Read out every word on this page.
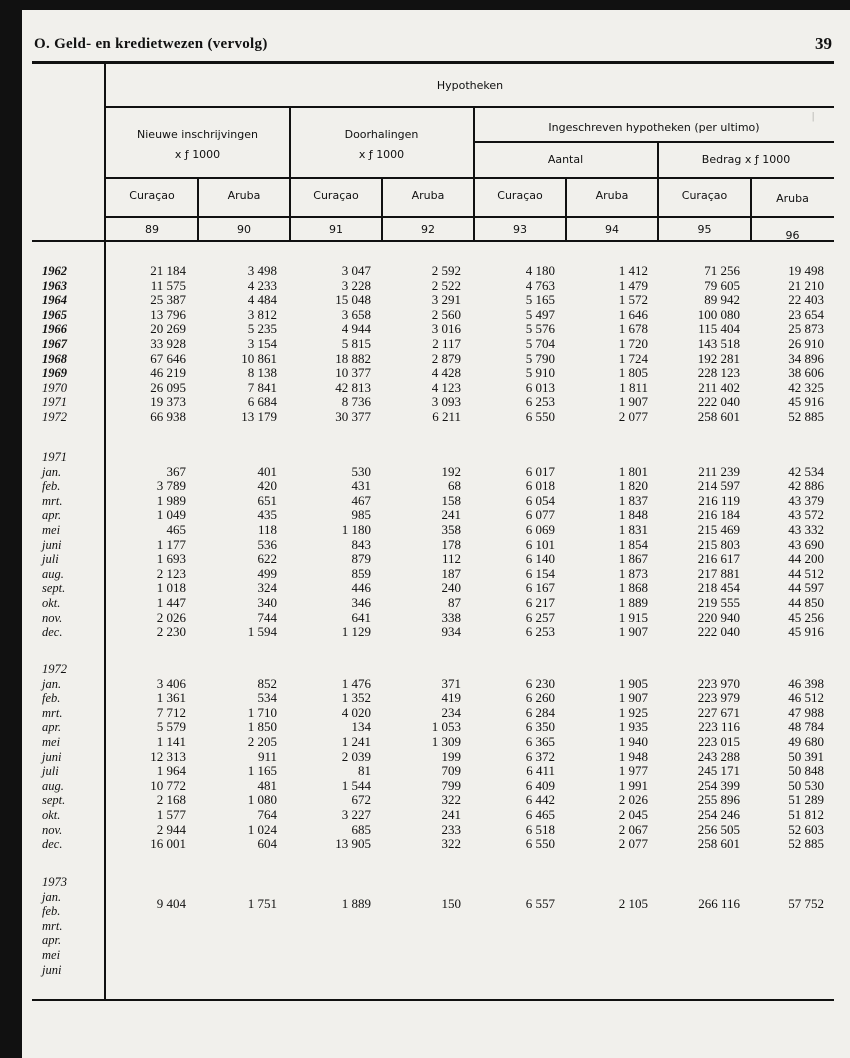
O. Geld- en kredietwezen (vervolg)	39
Hypotheken
Nieuwe inschrijvingen
x ƒ 1000
Doorhalingen
x ƒ 1000
Ingeschreven hypotheken (per ultimo)
Aantal	Bedrag x ƒ 1000
Curaçao	Aruba	Curaçao	Aruba	Curaçao	Aruba	Curaçao	Aruba
89	90	91	92	93	94	95	96
1962	21 184	3 498	3 047	2 592	4 180	1 412	71 256	19 498
1963	11 575	4 233	3 228	2 522	4 763	1 479	79 605	21 210
1964	25 387	4 484	15 048	3 291	5 165	1 572	89 942	22 403
1965	13 796	3 812	3 658	2 560	5 497	1 646	100 080	23 654
1966	20 269	5 235	4 944	3 016	5 576	1 678	115 404	25 873
1967	33 928	3 154	5 815	2 117	5 704	1 720	143 518	26 910
1968	67 646	10 861	18 882	2 879	5 790	1 724	192 281	34 896
1969	46 219	8 138	10 377	4 428	5 910	1 805	228 123	38 606
1970	26 095	7 841	42 813	4 123	6 013	1 811	211 402	42 325
1971	19 373	6 684	8 736	3 093	6 253	1 907	222 040	45 916
1972	66 938	13 179	30 377	6 211	6 550	2 077	258 601	52 885
1971
jan.	367	401	530	192	6 017	1 801	211 239	42 534
feb.	3 789	420	431	68	6 018	1 820	214 597	42 886
mrt.	1 989	651	467	158	6 054	1 837	216 119	43 379
apr.	1 049	435	985	241	6 077	1 848	216 184	43 572
mei	465	118	1 180	358	6 069	1 831	215 469	43 332
juni	1 177	536	843	178	6 101	1 854	215 803	43 690
juli	1 693	622	879	112	6 140	1 867	216 617	44 200
aug.	2 123	499	859	187	6 154	1 873	217 881	44 512
sept.	1 018	324	446	240	6 167	1 868	218 454	44 597
okt.	1 447	340	346	87	6 217	1 889	219 555	44 850
nov.	2 026	744	641	338	6 257	1 915	220 940	45 256
dec.	2 230	1 594	1 129	934	6 253	1 907	222 040	45 916
1972
jan.	3 406	852	1 476	371	6 230	1 905	223 970	46 398
feb.	1 361	534	1 352	419	6 260	1 907	223 979	46 512
mrt.	7 712	1 710	4 020	234	6 284	1 925	227 671	47 988
apr.	5 579	1 850	134	1 053	6 350	1 935	223 116	48 784
mei	1 141	2 205	1 241	1 309	6 365	1 940	223 015	49 680
juni	12 313	911	2 039	199	6 372	1 948	243 288	50 391
juli	1 964	1 165	81	709	6 411	1 977	245 171	50 848
aug.	10 772	481	1 544	799	6 409	1 991	254 399	50 530
sept.	2 168	1 080	672	322	6 442	2 026	255 896	51 289
okt.	1 577	764	3 227	241	6 465	2 045	254 246	51 812
nov.	2 944	1 024	685	233	6 518	2 067	256 505	52 603
dec.	16 001	604	13 905	322	6 550	2 077	258 601	52 885
1973
jan.	9 404	1 751	1 889	150	6 557	2 105	266 116	57 752
feb.
mrt.
apr.
mei
juni
|
